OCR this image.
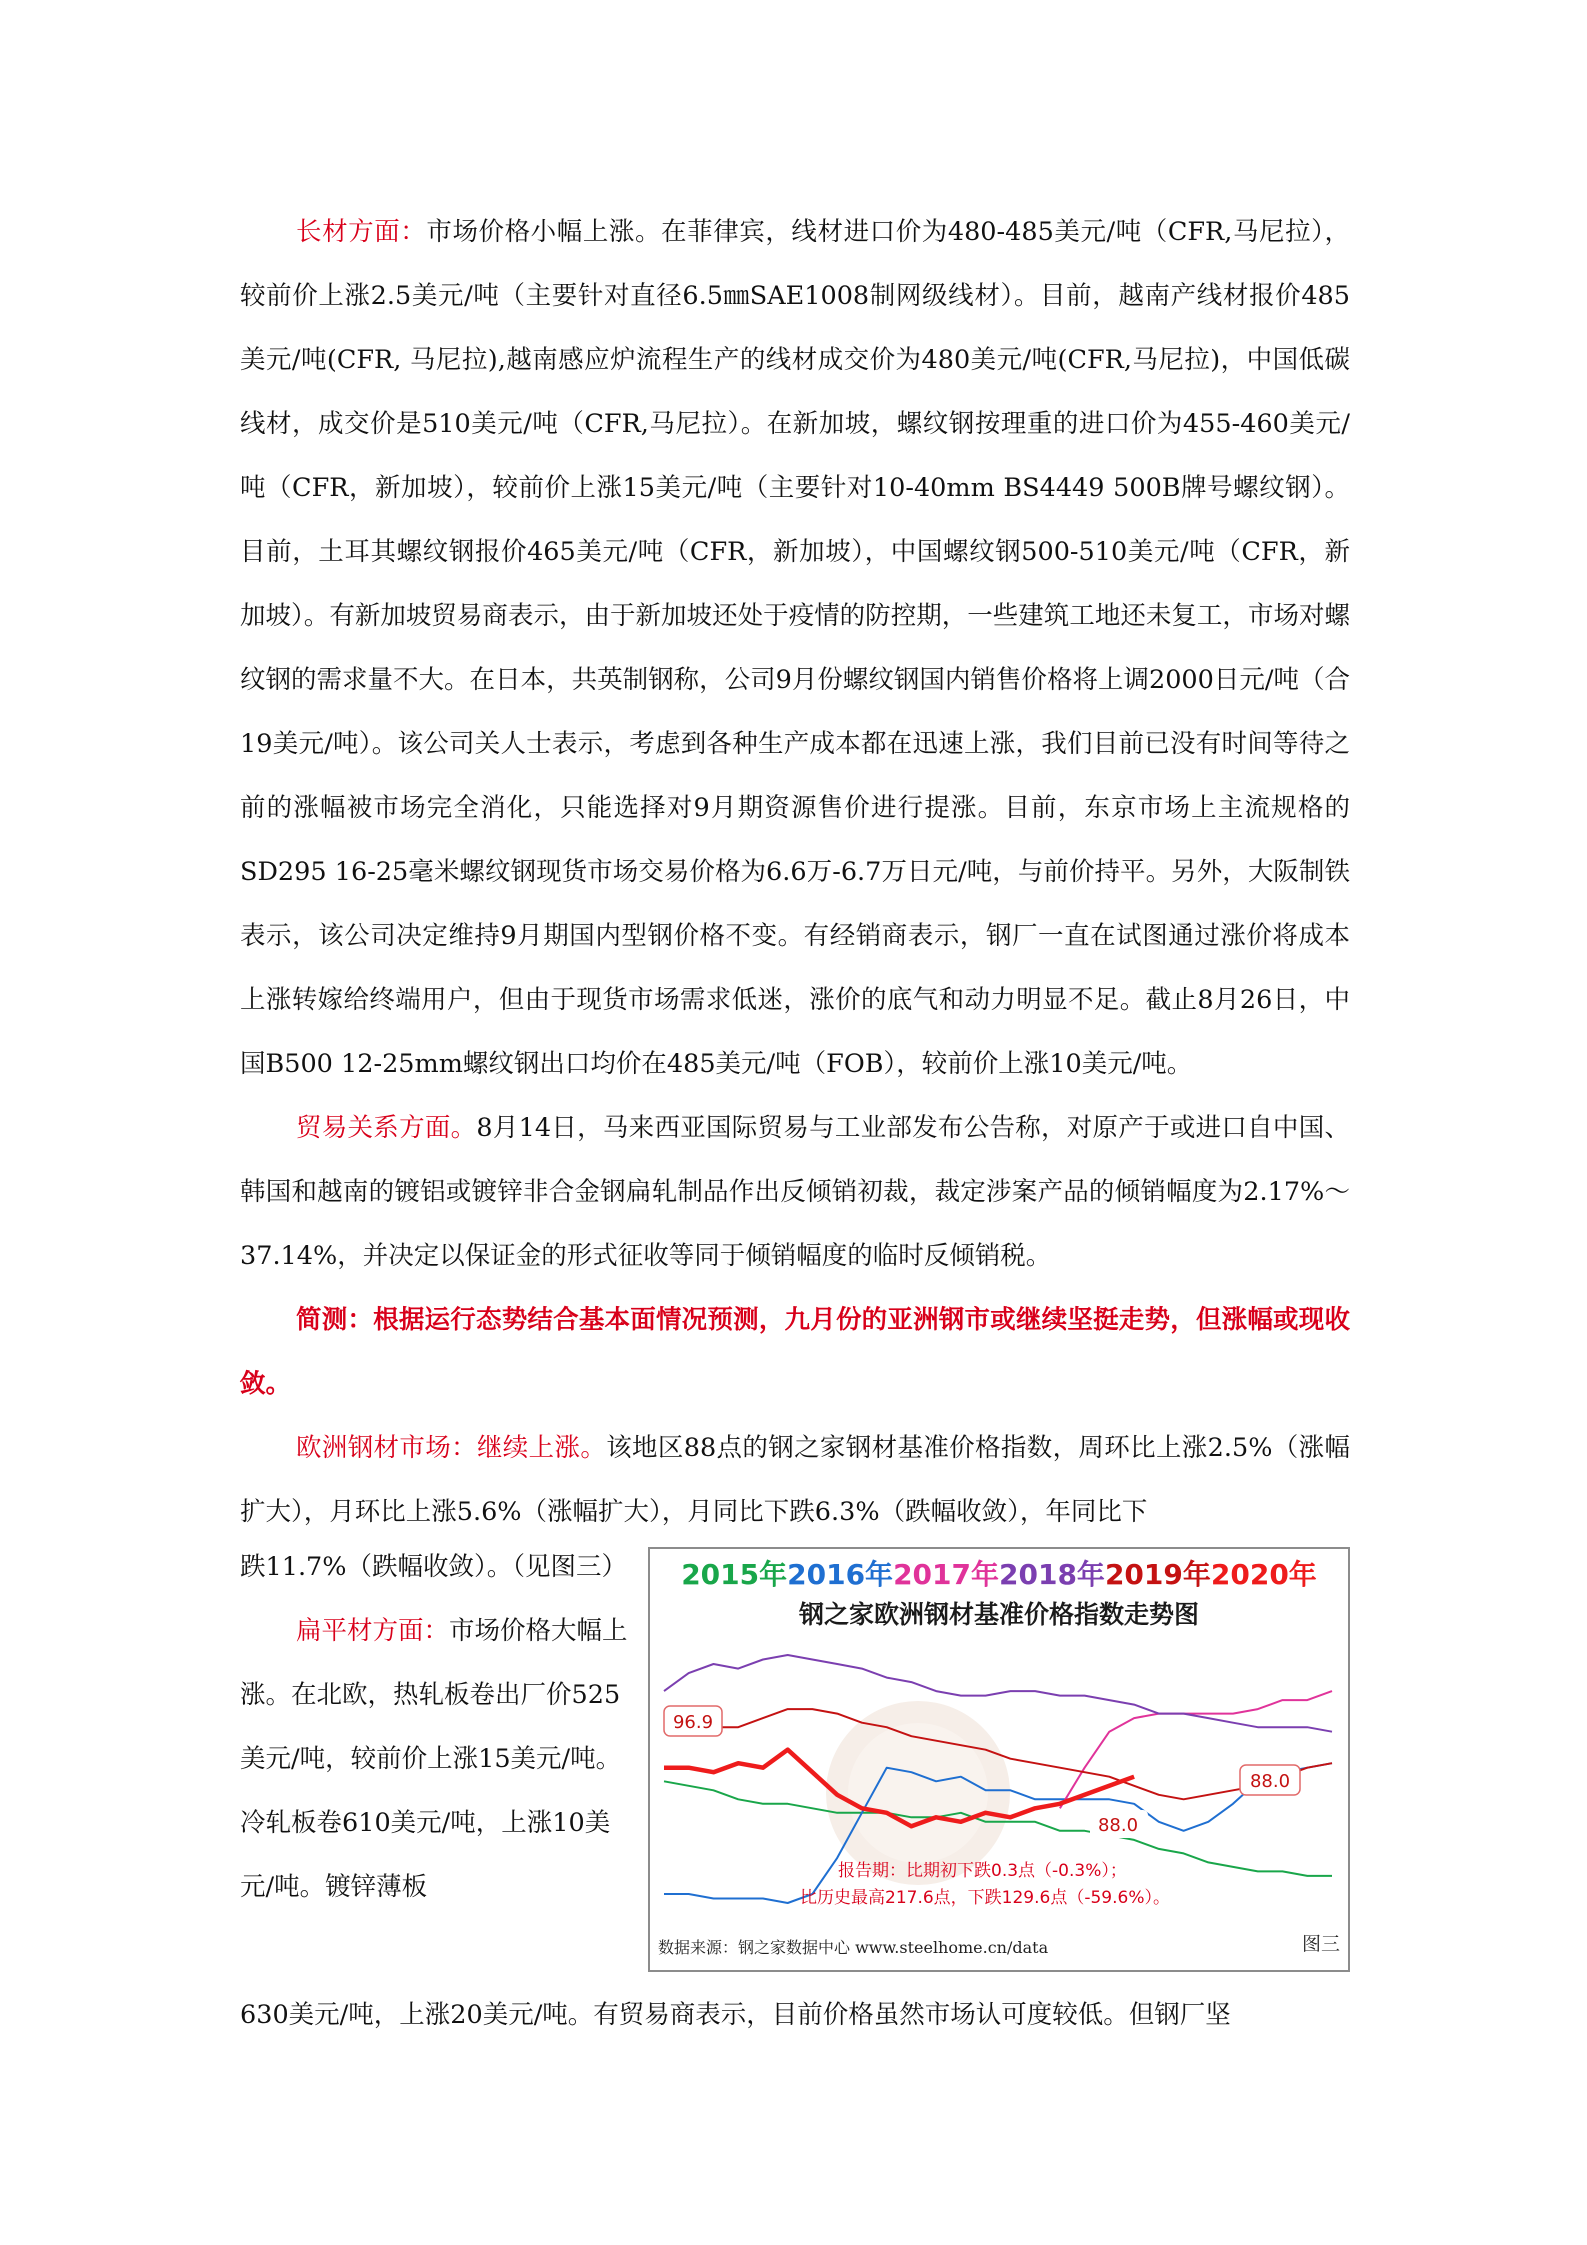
长材方面：市场价格小幅上涨。在菲律宾，线材进口价为480-485美元/吨（CFR,马尼拉），较前价上涨2.5美元/吨（主要针对直径6.5㎜SAE1008制网级线材）。目前，越南产线材报价485美元/吨(CFR, 马尼拉),越南感应炉流程生产的线材成交价为480美元/吨(CFR,马尼拉)，中国低碳线材，成交价是510美元/吨（CFR,马尼拉）。在新加坡，螺纹钢按理重的进口价为455-460美元/吨（CFR，新加坡），较前价上涨15美元/吨（主要针对10-40mm BS4449 500B牌号螺纹钢）。目前，土耳其螺纹钢报价465美元/吨（CFR，新加坡），中国螺纹钢500-510美元/吨（CFR，新加坡）。有新加坡贸易商表示，由于新加坡还处于疫情的防控期，一些建筑工地还未复工，市场对螺纹钢的需求量不大。在日本，共英制钢称，公司9月份螺纹钢国内销售价格将上调2000日元/吨（合19美元/吨）。该公司关人士表示，考虑到各种生产成本都在迅速上涨，我们目前已没有时间等待之前的涨幅被市场完全消化，只能选择对9月期资源售价进行提涨。目前，东京市场上主流规格的SD295 16-25毫米螺纹钢现货市场交易价格为6.6万-6.7万日元/吨，与前价持平。另外，大阪制铁表示，该公司决定维持9月期国内型钢价格不变。有经销商表示，钢厂一直在试图通过涨价将成本上涨转嫁给终端用户，但由于现货市场需求低迷，涨价的底气和动力明显不足。截止8月26日，中国B500 12-25mm螺纹钢出口均价在485美元/吨（FOB），较前价上涨10美元/吨。

贸易关系方面。8月14日，马来西亚国际贸易与工业部发布公告称，对原产于或进口自中国、韩国和越南的镀铝或镀锌非合金钢扁轧制品作出反倾销初裁，裁定涉案产品的倾销幅度为2.17%～37.14%，并决定以保证金的形式征收等同于倾销幅度的临时反倾销税。

简测：根据运行态势结合基本面情况预测，九月份的亚洲钢市或继续坚挺走势，但涨幅或现收敛。

欧洲钢材市场：继续上涨。该地区88点的钢之家钢材基准价格指数，周环比上涨2.5%（涨幅扩大），月环比上涨5.6%（涨幅扩大），月同比下跌6.3%（跌幅收敛），年同比下

跌11.7%（跌幅收敛）。（见图三）

扁平材方面：市场价格大幅上涨。在北欧，热轧板卷出厂价525美元/吨，较前价上涨15美元/吨。冷轧板卷610美元/吨，上涨10美元/吨。镀锌薄板

630美元/吨，上涨20美元/吨。有贸易商表示，目前价格虽然市场认可度较低。但钢厂坚

2015年2016年2017年2018年2019年2020年
钢之家欧洲钢材基准价格指数走势图
96.9
88.0
88.0
报告期：比期初下跌0.3点（-0.3%）；
比历史最高217.6点，下跌129.6点（-59.6%）。
数据来源：钢之家数据中心 www.steelhome.cn/data	图三
